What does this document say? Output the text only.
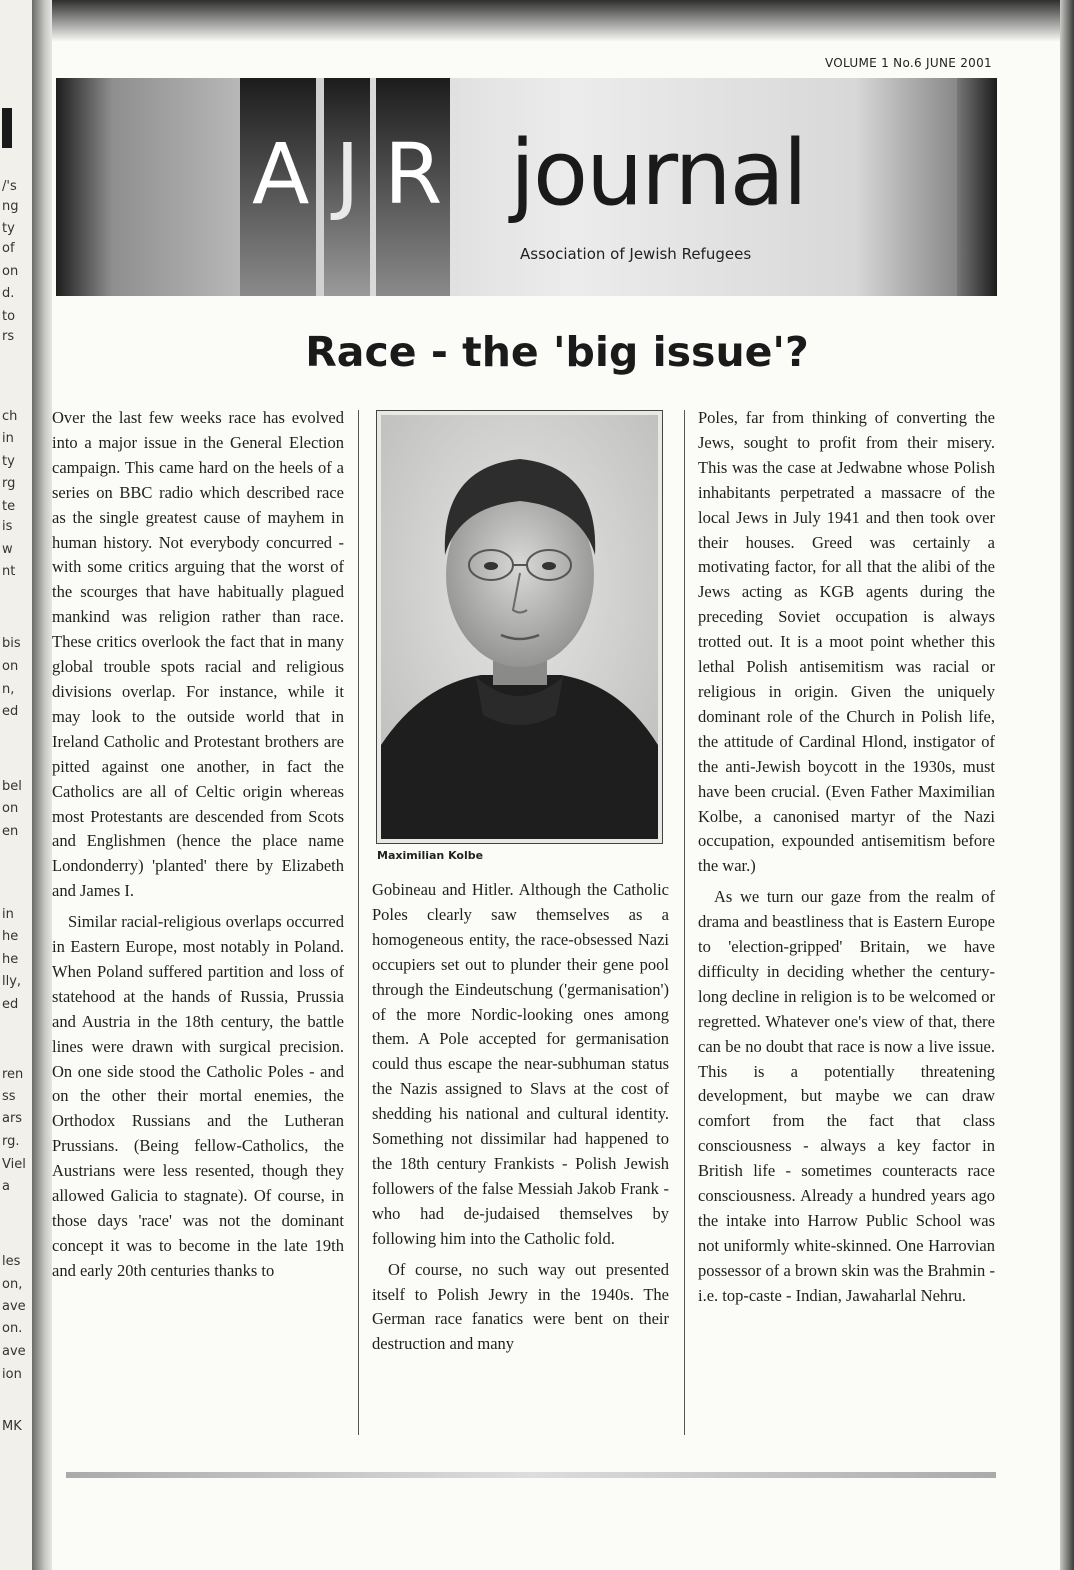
/'s
ng
ty
of
on
d.
to
rs
ch
in
ty
rg
te
is
w
nt
bis
on
n,
ed
bel
on
en
in
he
he
lly,
ed
ren
ss
ars
rg.
Viel
a
les
on,
ave
on.
ave
ion
MK
VOLUME 1 No.6 JUNE 2001
A J R journal
Association of Jewish Refugees
Race - the 'big issue'?

Over the last few weeks race has evolved into a major issue in the General Election campaign. This came hard on the heels of a series on BBC radio which described race as the single greatest cause of mayhem in human history. Not everybody concurred - with some critics arguing that the worst of the scourges that have habitually plagued mankind was religion rather than race. These critics overlook the fact that in many global trouble spots racial and religious divisions overlap. For instance, while it may look to the outside world that in Ireland Catholic and Protestant brothers are pitted against one another, in fact the Catholics are all of Celtic origin whereas most Protestants are descended from Scots and Englishmen (hence the place name Londonderry) 'planted' there by Elizabeth and James I.

Similar racial-religious overlaps occurred in Eastern Europe, most notably in Poland. When Poland suffered partition and loss of statehood at the hands of Russia, Prussia and Austria in the 18th century, the battle lines were drawn with surgical precision. On one side stood the Catholic Poles - and on the other their mortal enemies, the Orthodox Russians and the Lutheran Prussians. (Being fellow-Catholics, the Austrians were less resented, though they allowed Galicia to stagnate). Of course, in those days 'race' was not the dominant concept it was to become in the late 19th and early 20th centuries thanks to

Maximilian Kolbe

Gobineau and Hitler. Although the Catholic Poles clearly saw themselves as a homogeneous entity, the race-obsessed Nazi occupiers set out to plunder their gene pool through the Eindeutschung ('germanisation') of the more Nordic-looking ones among them. A Pole accepted for germanisation could thus escape the near-subhuman status the Nazis assigned to Slavs at the cost of shedding his national and cultural identity. Something not dissimilar had happened to the 18th century Frankists - Polish Jewish followers of the false Messiah Jakob Frank - who had de-judaised themselves by following him into the Catholic fold.

Of course, no such way out presented itself to Polish Jewry in the 1940s. The German race fanatics were bent on their destruction and many

Poles, far from thinking of converting the Jews, sought to profit from their misery. This was the case at Jedwabne whose Polish inhabitants perpetrated a massacre of the local Jews in July 1941 and then took over their houses. Greed was certainly a motivating factor, for all that the alibi of the Jews acting as KGB agents during the preceding Soviet occupation is always trotted out. It is a moot point whether this lethal Polish antisemitism was racial or religious in origin. Given the uniquely dominant role of the Church in Polish life, the attitude of Cardinal Hlond, instigator of the anti-Jewish boycott in the 1930s, must have been crucial. (Even Father Maximilian Kolbe, a canonised martyr of the Nazi occupation, expounded antisemitism before the war.)

As we turn our gaze from the realm of drama and beastliness that is Eastern Europe to 'election-gripped' Britain, we have difficulty in deciding whether the century-long decline in religion is to be welcomed or regretted. Whatever one's view of that, there can be no doubt that race is now a live issue. This is a potentially threatening development, but maybe we can draw comfort from the fact that class consciousness - always a key factor in British life - sometimes counteracts race consciousness. Already a hundred years ago the intake into Harrow Public School was not uniformly white-skinned. One Harrovian possessor of a brown skin was the Brahmin - i.e. top-caste - Indian, Jawaharlal Nehru.
